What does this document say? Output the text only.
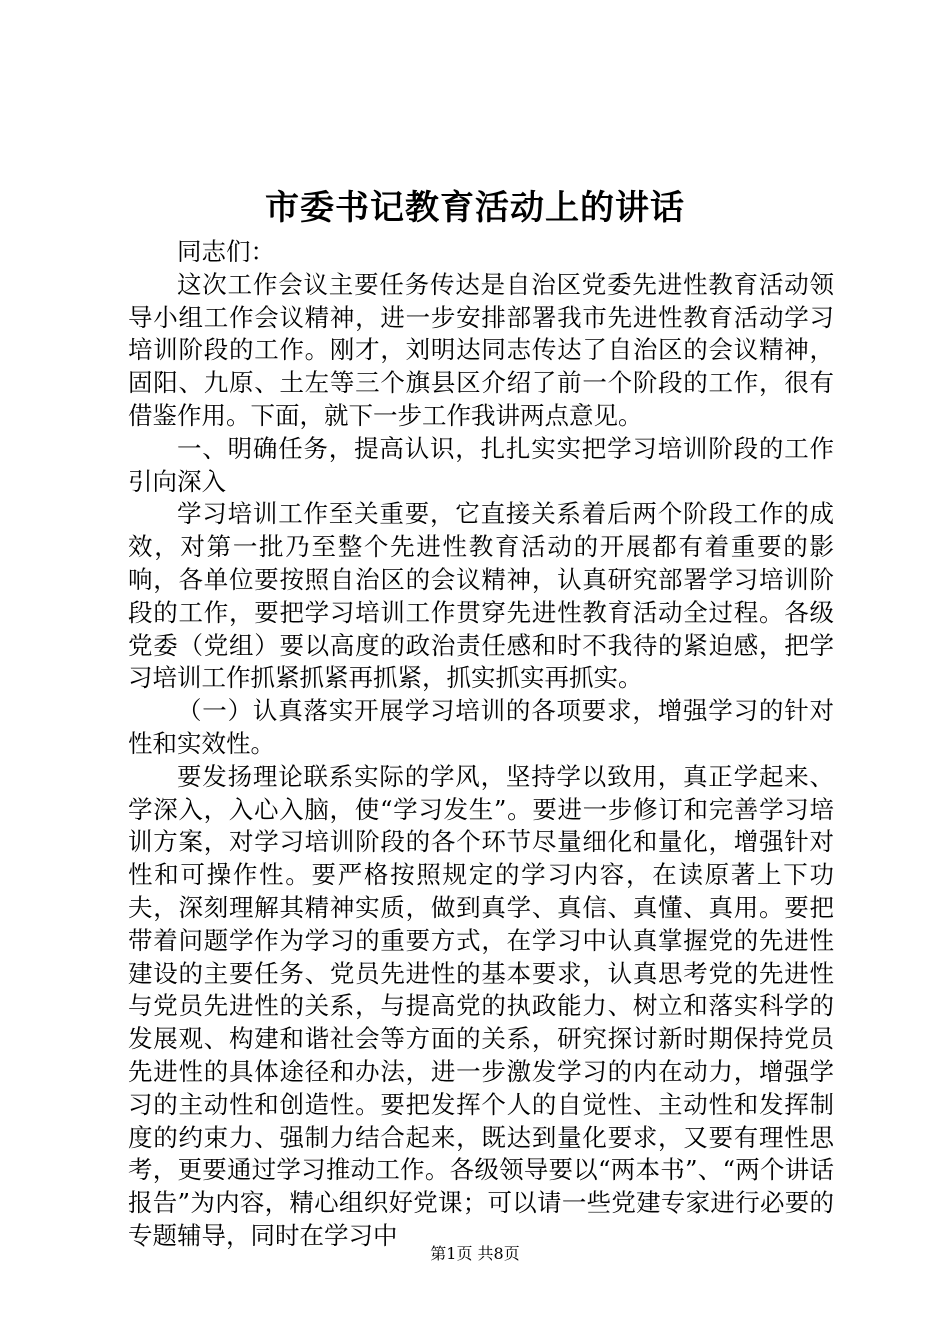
市委书记教育活动上的讲话

同志们：

这次工作会议主要任务传达是自治区党委先进性教育活动领导小组工作会议精神，进一步安排部署我市先进性教育活动学习培训阶段的工作。刚才，刘明达同志传达了自治区的会议精神，固阳、九原、土左等三个旗县区介绍了前一个阶段的工作，很有借鉴作用。下面，就下一步工作我讲两点意见。

一、明确任务，提高认识，扎扎实实把学习培训阶段的工作引向深入

学习培训工作至关重要，它直接关系着后两个阶段工作的成效，对第一批乃至整个先进性教育活动的开展都有着重要的影响，各单位要按照自治区的会议精神，认真研究部署学习培训阶段的工作，要把学习培训工作贯穿先进性教育活动全过程。各级党委（党组）要以高度的政治责任感和时不我待的紧迫感，把学习培训工作抓紧抓紧再抓紧，抓实抓实再抓实。

（一）认真落实开展学习培训的各项要求，增强学习的针对性和实效性。

要发扬理论联系实际的学风，坚持学以致用，真正学起来、学深入，入心入脑，使“学习发生”。要进一步修订和完善学习培训方案，对学习培训阶段的各个环节尽量细化和量化，增强针对性和可操作性。要严格按照规定的学习内容，在读原著上下功夫，深刻理解其精神实质，做到真学、真信、真懂、真用。要把带着问题学作为学习的重要方式，在学习中认真掌握党的先进性建设的主要任务、党员先进性的基本要求，认真思考党的先进性与党员先进性的关系，与提高党的执政能力、树立和落实科学的发展观、构建和谐社会等方面的关系，研究探讨新时期保持党员先进性的具体途径和办法，进一步激发学习的内在动力，增强学习的主动性和创造性。要把发挥个人的自觉性、主动性和发挥制度的约束力、强制力结合起来，既达到量化要求，又要有理性思考，更要通过学习推动工作。各级领导要以“两本书”、“两个讲话报告”为内容，精心组织好党课；可以请一些党建专家进行必要的专题辅导，同时在学习中

第1页 共8页
